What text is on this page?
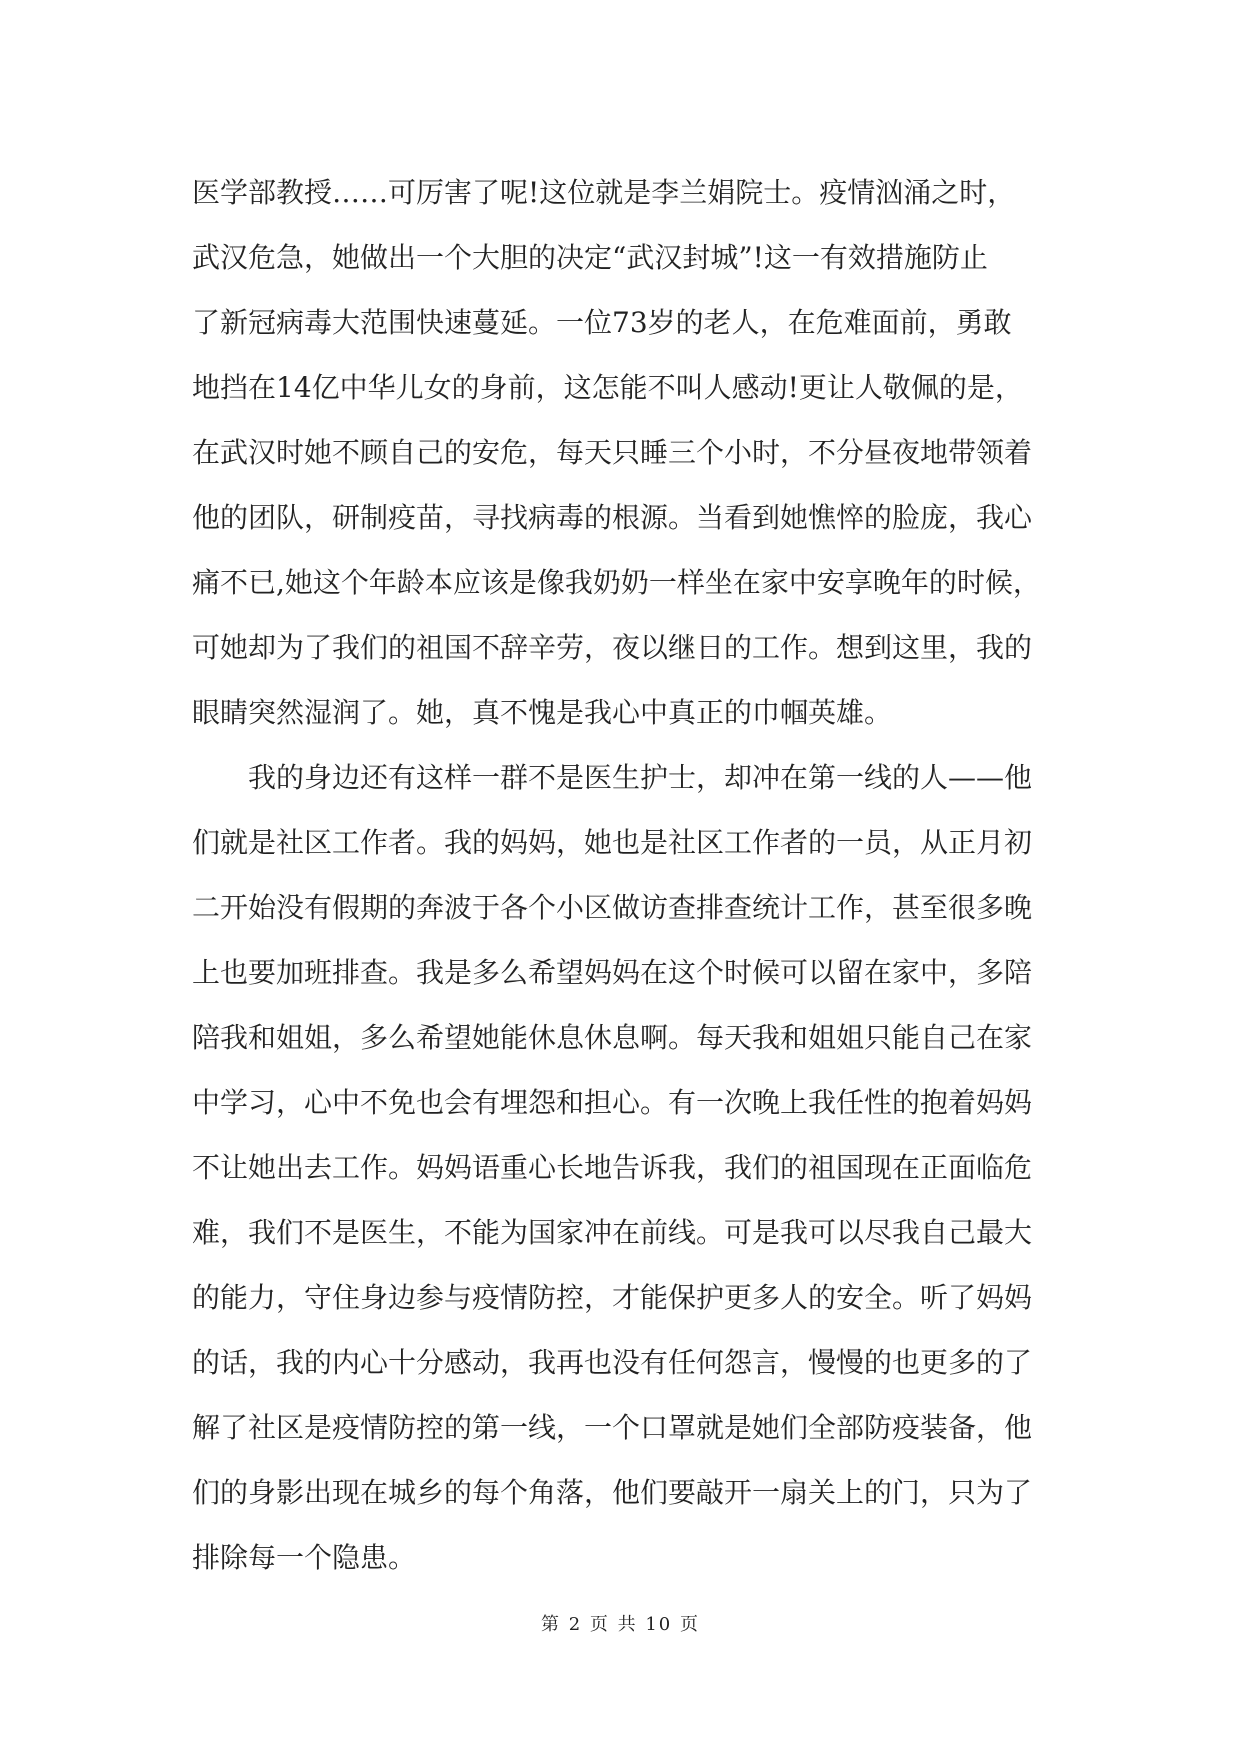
医学部教授……可厉害了呢!这位就是李兰娟院士。疫情汹涌之时，
武汉危急，她做出一个大胆的决定“武汉封城”!这一有效措施防止
了新冠病毒大范围快速蔓延。一位73岁的老人，在危难面前，勇敢
地挡在14亿中华儿女的身前，这怎能不叫人感动!更让人敬佩的是，
在武汉时她不顾自己的安危，每天只睡三个小时，不分昼夜地带领着
他的团队，研制疫苗，寻找病毒的根源。当看到她憔悴的脸庞，我心
痛不已,她这个年龄本应该是像我奶奶一样坐在家中安享晚年的时候，
可她却为了我们的祖国不辞辛劳，夜以继日的工作。想到这里，我的
眼睛突然湿润了。她，真不愧是我心中真正的巾帼英雄。
我的身边还有这样一群不是医生护士，却冲在第一线的人——他
们就是社区工作者。我的妈妈，她也是社区工作者的一员，从正月初
二开始没有假期的奔波于各个小区做访查排查统计工作，甚至很多晚
上也要加班排查。我是多么希望妈妈在这个时候可以留在家中，多陪
陪我和姐姐，多么希望她能休息休息啊。每天我和姐姐只能自己在家
中学习，心中不免也会有埋怨和担心。有一次晚上我任性的抱着妈妈
不让她出去工作。妈妈语重心长地告诉我，我们的祖国现在正面临危
难，我们不是医生，不能为国家冲在前线。可是我可以尽我自己最大
的能力，守住身边参与疫情防控，才能保护更多人的安全。听了妈妈
的话，我的内心十分感动，我再也没有任何怨言，慢慢的也更多的了
解了社区是疫情防控的第一线，一个口罩就是她们全部防疫装备，他
们的身影出现在城乡的每个角落，他们要敲开一扇关上的门，只为了
排除每一个隐患。
第 2 页 共 10 页
